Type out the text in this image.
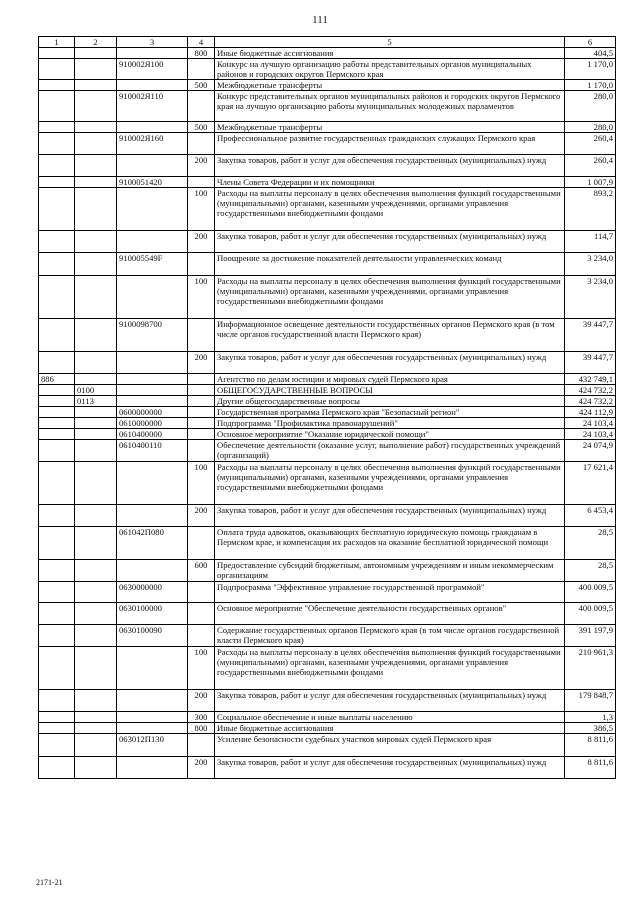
111
1	2	3	4	5	6
			800	Иные бюджетные ассигнования	404,5
		910002Я100		Конкурс на лучшую организацию работы представительных органов муниципальных районов и городских округов Пермского края	1 170,0
			500	Межбюджетные трансферты	1 170,0
		910002Я110		Конкурс представительных органов муниципальных районов и городских округов Пермского края на лучшую организацию работы муниципальных молодежных парламентов	280,0
			500	Межбюджетные трансферты	280,0
		910002Я160		Профессиональное развитие государственных гражданских служащих Пермского края	260,4
			200	Закупка товаров, работ и услуг для обеспечения государственных (муниципальных) нужд	260,4
		9100051420		Члены Совета Федерации и их помощники	1 007,9
			100	Расходы на выплаты персоналу в целях обеспечения выполнения функций государственными (муниципальными) органами, казенными учреждениями, органами управления государственными внебюджетными фондами	893,2
			200	Закупка товаров, работ и услуг для обеспечения государственных (муниципальных) нужд	114,7
		910005549F		Поощрение за достижение показателей деятельности управленческих команд	3 234,0
			100	Расходы на выплаты персоналу в целях обеспечения выполнения функций государственными (муниципальными) органами, казенными учреждениями, органами управления государственными внебюджетными фондами	3 234,0
		9100098700		Информационное освещение деятельности государственных органов Пермского края (в том числе органов государственной власти Пермского края)	39 447,7
			200	Закупка товаров, работ и услуг для обеспечения государственных (муниципальных) нужд	39 447,7
886				Агентство по делам юстиции и мировых судей Пермского края	432 749,1
	0100			ОБЩЕГОСУДАРСТВЕННЫЕ ВОПРОСЫ	424 732,2
	0113			Другие общегосударственные вопросы	424 732,2
		0600000000		Государственная программа Пермского края "Безопасный регион"	424 112,9
		0610000000		Подпрограмма "Профилактика правонарушений"	24 103,4
		0610400000		Основное мероприятие "Оказание юридической помощи"	24 103,4
		0610400110		Обеспечение деятельности (оказание услуг, выполнение работ) государственных учреждений (организаций)	24 074,9
			100	Расходы на выплаты персоналу в целях обеспечения выполнения функций государственными (муниципальными) органами, казенными учреждениями, органами управления государственными внебюджетными фондами	17 621,4
			200	Закупка товаров, работ и услуг для обеспечения государственных (муниципальных) нужд	6 453,4
		061042П080		Оплата труда адвокатов, оказывающих бесплатную юридическую помощь гражданам в Пермском крае, и компенсация их расходов на оказание бесплатной юридической помощи	28,5
			600	Предоставление субсидий бюджетным, автономным учреждениям и иным некоммерческим организациям	28,5
		0630000000		Подпрограмма "Эффективное управление государственной программой"	400 009,5
		0630100000		Основное мероприятие "Обеспечение деятельности государственных органов"	400 009,5
		0630100090		Содержание государственных органов Пермского края (в том числе органов государственной власти Пермского края)	391 197,9
			100	Расходы на выплаты персоналу в целях обеспечения выполнения функций государственными (муниципальными) органами, казенными учреждениями, органами управления государственными внебюджетными фондами	210 961,3
			200	Закупка товаров, работ и услуг для обеспечения государственных (муниципальных) нужд	179 848,7
			300	Социальное обеспечение и иные выплаты населению	1,3
			800	Иные бюджетные ассигнования	386,5
		063012П130		Усиление безопасности судебных участков мировых судей Пермского края	8 811,6
			200	Закупка товаров, работ и услуг для обеспечения государственных (муниципальных) нужд	8 811,6
2171-21
